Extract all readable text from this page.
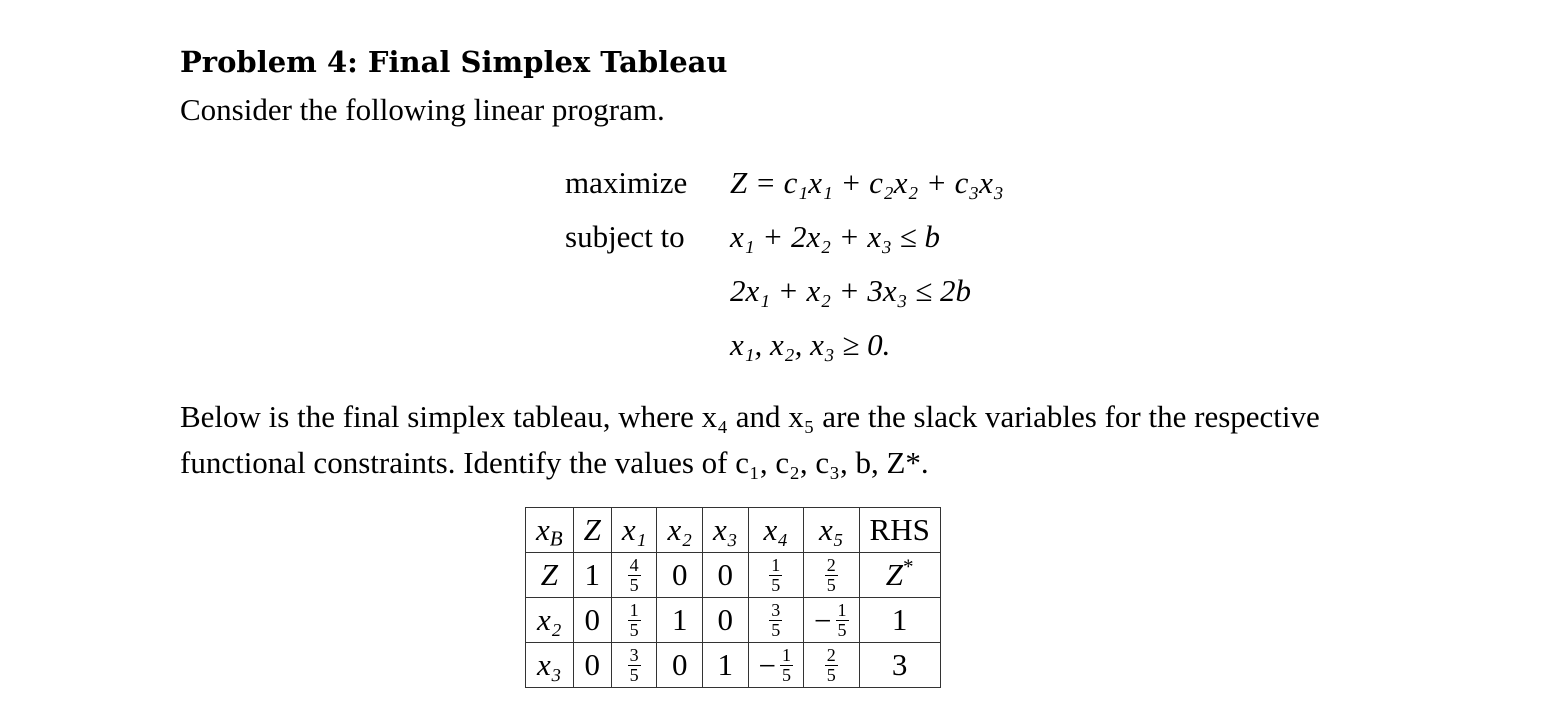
Problem 4: Final Simplex Tableau

Consider the following linear program.

maximize Z = c₁x₁ + c₂x₂ + c₃x₃
subject to x₁ + 2x₂ + x₃ ≤ b
2x₁ + x₂ + 3x₃ ≤ 2b
x₁, x₂, x₃ ≥ 0.

Below is the final simplex tableau, where x₄ and x₅ are the slack variables for the respective
functional constraints. Identify the values of c₁, c₂, c₃, b, Z*.

$x_B$	Z	x₁	x₂	x₃	x₄	x₅	RHS
Z	1	$\frac{4}{5}$	0	0	$\frac{1}{5}$	$\frac{2}{5}$	Z*
x₂	0	$\frac{1}{5}$	1	0	$\frac{3}{5}$	− $\frac{1}{5}$	1
x₃	0	$\frac{3}{5}$	0	1	− $\frac{1}{5}$	$\frac{2}{5}$	3
